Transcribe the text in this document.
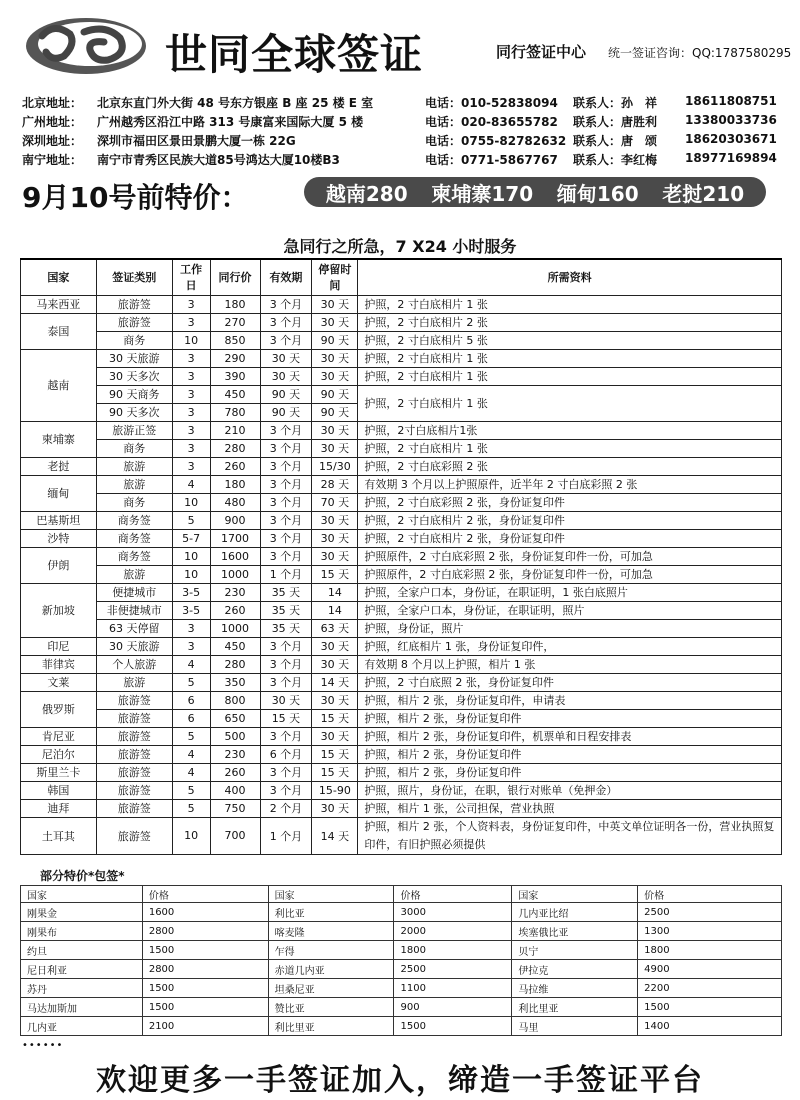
世同全球签证	同行签证中心 统一签证咨询：QQ:1787580295
北京地址： 北京东直门外大街 48 号东方银座 B 座 25 楼 E 室	电话：010-52838094 联系人：孙　祥 18611808751
广州地址： 广州越秀区沿江中路 313 号康富来国际大厦 5 楼	电话：020-83655782 联系人：唐胜利 13380033736
深圳地址： 深圳市福田区景田景鹏大厦一栋 22G	电话：0755-82782632 联系人：唐　颂 18620303671
南宁地址： 南宁市青秀区民族大道85号鸿达大厦10楼B3	电话：0771-5867767 联系人：李红梅 18977169894
9月10号前特价：	越南280 柬埔寨170 缅甸160 老挝210
急同行之所急，7 X24 小时服务
国家	签证类别	工作日	同行价	有效期	停留时间	所需资料
马来西亚	旅游签	3	180	3 个月	30 天	护照，2 寸白底相片 1 张
泰国	旅游签	3	270	3 个月	30 天	护照，2 寸白底相片 2 张
	商务	10	850	3 个月	90 天	护照，2 寸白底相片 5 张
越南	30 天旅游	3	290	30 天	30 天	护照，2 寸白底相片 1 张
	30 天多次	3	390	30 天	30 天	护照，2 寸白底相片 1 张
	90 天商务	3	450	90 天	90 天	护照，2 寸白底相片 1 张
	90 天多次	3	780	90 天	90 天	
柬埔寨	旅游正签	3	210	3 个月	30 天	护照，2寸白底相片1张
	商务	3	280	3 个月	30 天	护照，2 寸白底相片 1 张
老挝	旅游	3	260	3 个月	15/30	护照，2 寸白底彩照 2 张
缅甸	旅游	4	180	3 个月	28 天	有效期 3 个月以上护照原件，近半年 2 寸白底彩照 2 张
	商务	10	480	3 个月	70 天	护照，2 寸白底彩照 2 张，身份证复印件
巴基斯坦	商务签	5	900	3 个月	30 天	护照，2 寸白底相片 2 张，身份证复印件
沙特	商务签	5-7	1700	3 个月	30 天	护照，2 寸白底相片 2 张，身份证复印件
伊朗	商务签	10	1600	3 个月	30 天	护照原件，2 寸白底彩照 2 张，身份证复印件一份，可加急
	旅游	10	1000	1 个月	15 天	护照原件，2 寸白底彩照 2 张，身份证复印件一份，可加急
新加坡	便捷城市	3-5	230	35 天	14	护照，全家户口本，身份证，在职证明，1 张白底照片
	非便捷城市	3-5	260	35 天	14	护照，全家户口本，身份证，在职证明，照片
	63 天停留	3	1000	35 天	63 天	护照，身份证，照片
印尼	30 天旅游	3	450	3 个月	30 天	护照，红底相片 1 张，身份证复印件，
菲律宾	个人旅游	4	280	3 个月	30 天	有效期 8 个月以上护照，相片 1 张
文莱	旅游	5	350	3 个月	14 天	护照，2 寸白底照 2 张，身份证复印件
俄罗斯	旅游签	6	800	30 天	30 天	护照，相片 2 张，身份证复印件，申请表
	旅游签	6	650	15 天	15 天	护照，相片 2 张，身份证复印件
肯尼亚	旅游签	5	500	3 个月	30 天	护照，相片 2 张，身份证复印件，机票单和日程安排表
尼泊尔	旅游签	4	230	6 个月	15 天	护照，相片 2 张，身份证复印件
斯里兰卡	旅游签	4	260	3 个月	15 天	护照，相片 2 张，身份证复印件
韩国	旅游签	5	400	3 个月	15-90	护照，照片，身份证，在职，银行对账单（免押金）
迪拜	旅游签	5	750	2 个月	30 天	护照，相片 1 张，公司担保，营业执照
土耳其	旅游签	10	700	1 个月	14 天	护照，相片 2 张，个人资料表，身份证复印件，中英文单位证明各一份，营业执照复印件，有旧护照必须提供
部分特价*包签*
国家	价格	国家	价格	国家	价格
刚果金	1600	利比亚	3000	几内亚比绍	2500
刚果布	2800	喀麦隆	2000	埃塞俄比亚	1300
约旦	1500	乍得	1800	贝宁	1800
尼日利亚	2800	赤道几内亚	2500	伊拉克	4900
苏丹	1500	坦桑尼亚	1100	马拉维	2200
马达加斯加	1500	赞比亚	900	利比里亚	1500
几内亚	2100	利比里亚	1500	马里	1400
••••••
欢迎更多一手签证加入，缔造一手签证平台
